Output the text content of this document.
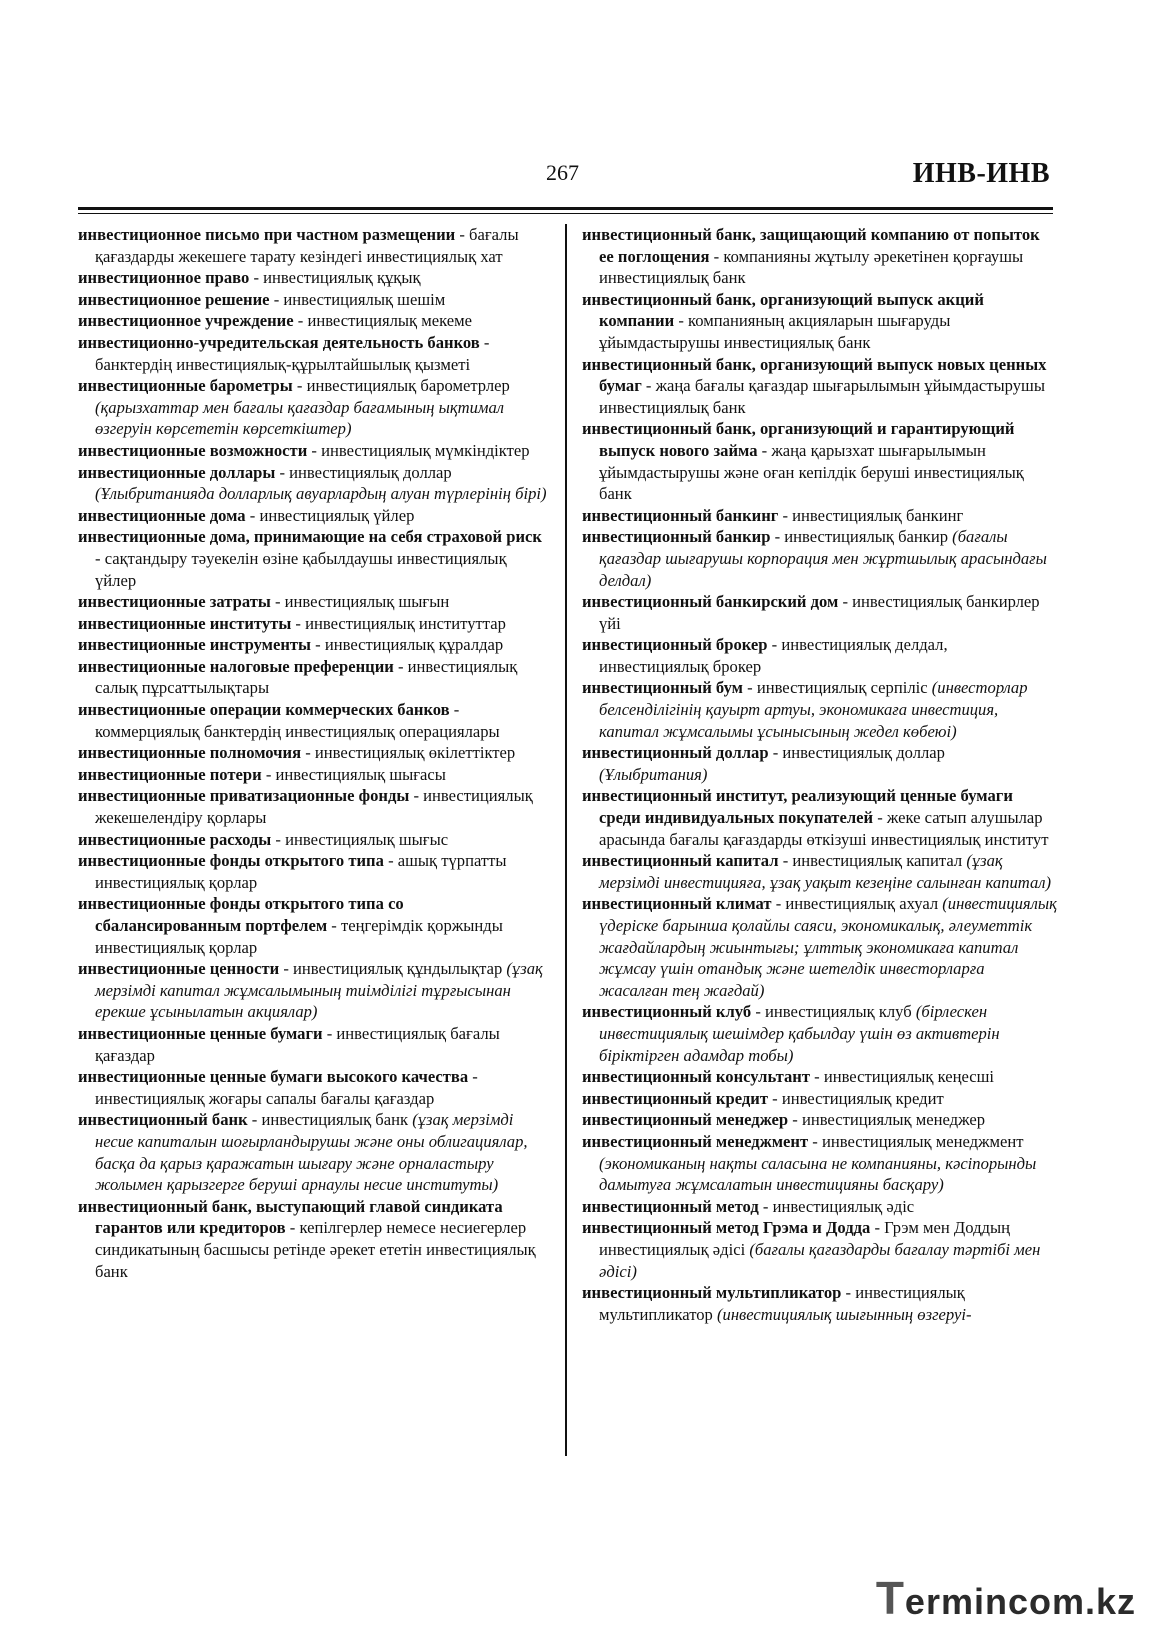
267	ИНВ-ИНВ
инвестиционное письмо при частном размещении - бағалы қағаздарды жекешеге тарату кезіндегі инвестициялық хат
инвестиционное право - инвестициялық құқық
инвестиционное решение - инвестициялық шешім
инвестиционное учреждение - инвестициялық мекеме
инвестиционно-учредительская деятельность банков - банктердің инвестициялық-құрылтайшылық қызметі
инвестиционные барометры - инвестициялық барометрлер (қарызхаттар мен бағалы қағаздар бағамының ықтимал өзгеруін көрсететін көрсеткіштер)
инвестиционные возможности - инвестициялық мүмкіндіктер
инвестиционные доллары - инвестициялық доллар (Ұлыбританияда долларлық авуарлардың алуан түрлерінің бірі)
инвестиционные дома - инвестициялық үйлер
инвестиционные дома, принимающие на себя страховой риск - сақтандыру тәуекелін өзіне қабылдаушы инвестициялық үйлер
инвестиционные затраты - инвестициялық шығын
инвестиционные институты - инвестициялық институттар
инвестиционные инструменты - инвестициялық құралдар
инвестиционные налоговые преференции - инвестициялық салық пұрсаттылықтары
инвестиционные операции коммерческих банков - коммерциялық банктердің инвестициялық операциялары
инвестиционные полномочия - инвестициялық өкілеттіктер
инвестиционные потери - инвестициялық шығасы
инвестиционные приватизационные фонды - инвестициялық жекешелендіру қорлары
инвестиционные расходы - инвестициялық шығыс
инвестиционные фонды открытого типа - ашық түрпатты инвестициялық қорлар
инвестиционные фонды открытого типа со сбалансированным портфелем - теңгерімдік қоржынды инвестициялық қорлар
инвестиционные ценности - инвестициялық құндылықтар (ұзақ мерзімді капитал жұмсалымының тиімділігі тұрғысынан ерекше ұсынылатын акциялар)
инвестиционные ценные бумаги - инвестициялық бағалы қағаздар
инвестиционные ценные бумаги высокого качества - инвестициялық жоғары сапалы бағалы қағаздар
инвестиционный банк - инвестициялық банк (ұзақ мерзімді несие капиталын шоғырландырушы және оны облигациялар, басқа да қарыз қаражатын шығару және орналастыру жолымен қарызгерге беруші арнаулы несие институты)
инвестиционный банк, выступающий главой синдиката гарантов или кредиторов - кепілгерлер немесе несиегерлер синдикатының басшысы ретінде әрекет ететін инвестициялық банк
инвестиционный банк, защищающий компанию от попыток ее поглощения - компанияны жұтылу әрекетінен қорғаушы инвестициялық банк
инвестиционный банк, организующий выпуск акций компании - компанияның акцияларын шығаруды ұйымдастырушы инвестициялық банк
инвестиционный банк, организующий выпуск новых ценных бумаг - жаңа бағалы қағаздар шығарылымын ұйымдастырушы инвестициялық банк
инвестиционный банк, организующий и гарантирующий выпуск нового займа - жаңа қарызхат шығарылымын ұйымдастырушы және оған кепілдік беруші инвестициялық банк
инвестиционный банкинг - инвестициялық банкинг
инвестиционный банкир - инвестициялық банкир (бағалы қағаздар шығарушы корпорация мен жұртшылық арасындағы делдал)
инвестиционный банкирский дом - инвестициялық банкирлер үйі
инвестиционный брокер - инвестициялық делдал, инвестициялық брокер
инвестиционный бум - инвестициялық серпіліс (инвесторлар белсенділігінің қауырт артуы, экономикаға инвестиция, капитал жұмсалымы ұсынысының жедел көбеюі)
инвестиционный доллар - инвестициялық доллар (Ұлыбритания)
инвестиционный институт, реализующий ценные бумаги среди индивидуальных покупателей - жеке сатып алушылар арасында бағалы қағаздарды өткізуші инвестициялық институт
инвестиционный капитал - инвестициялық капитал (ұзақ мерзімді инвестицияға, ұзақ уақыт кезеңіне салынған капитал)
инвестиционный климат - инвестициялық ахуал (инвестициялық үдеріске барынша қолайлы саяси, экономикалық, әлеуметтік жағдайлардың жиынтығы; ұлттық экономикаға капитал жұмсау үшін отандық және шетелдік инвесторларға жасалған тең жағдай)
инвестиционный клуб - инвестициялық клуб (бірлескен инвестициялық шешімдер қабылдау үшін өз активтерін біріктірген адамдар тобы)
инвестиционный консультант - инвестициялық кеңесші
инвестиционный кредит - инвестициялық кредит
инвестиционный менеджер - инвестициялық менеджер
инвестиционный менеджмент - инвестициялық менеджмент (экономиканың нақты саласына не компанияны, кәсіпорынды дамытуға жұмсалатын инвестицияны басқару)
инвестиционный метод - инвестициялық әдіс
инвестиционный метод Грэма и Додда - Грэм мен Доддың инвестициялық әдісі (бағалы қағаздарды бағалау тәртібі мен әдісі)
инвестиционный мультипликатор - инвестициялық мультипликатор (инвестициялық шығынның өзгеруі-
Termincom.kz
